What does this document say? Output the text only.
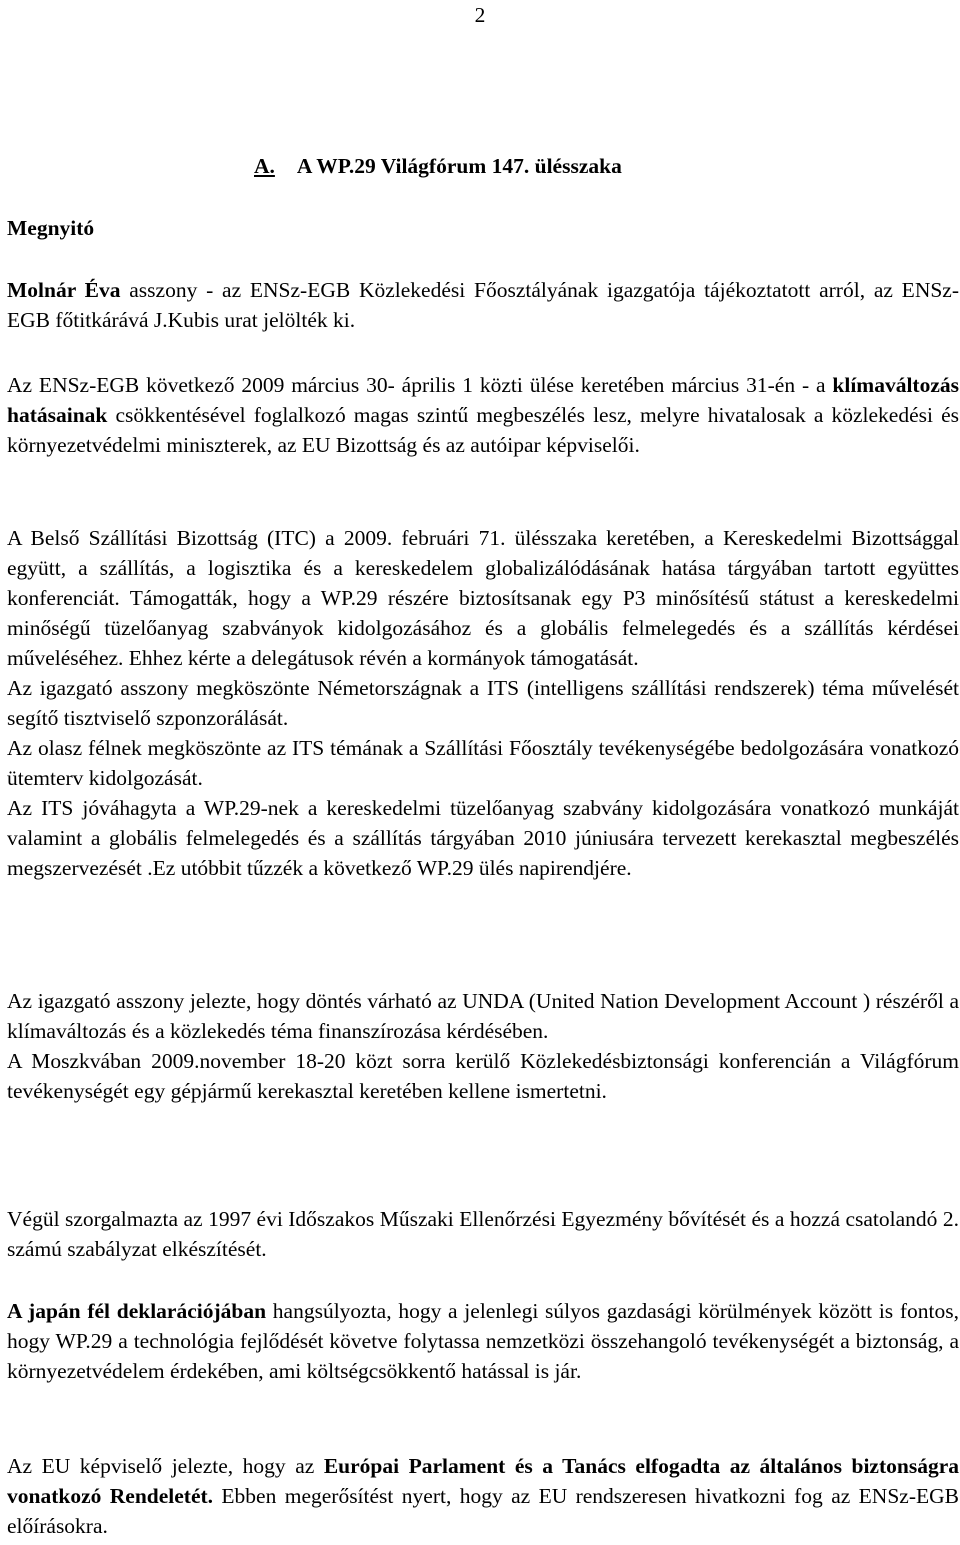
2
A. A WP.29 Világfórum 147. ülésszaka
Megnyitó

Molnár Éva asszony - az ENSz-EGB Közlekedési Főosztályának igazgatója tájékoztatott arról, az ENSz-EGB főtitkárává J.Kubis urat jelölték ki.

Az ENSz-EGB következő 2009 március 30- április 1 közti ülése keretében március 31-én - a klímaváltozás hatásainak csökkentésével foglalkozó magas szintű megbeszélés lesz, melyre hivatalosak a közlekedési és környezetvédelmi miniszterek, az EU Bizottság és az autóipar képviselői.

A Belső Szállítási Bizottság (ITC) a 2009. februári 71. ülésszaka keretében, a Kereskedelmi Bizottsággal együtt, a szállítás, a logisztika és a kereskedelem globalizálódásának hatása tárgyában tartott együttes konferenciát. Támogatták, hogy a WP.29 részére biztosítsanak egy P3 minősítésű státust a kereskedelmi minőségű tüzelőanyag szabványok kidolgozásához és a globális felmelegedés és a szállítás kérdései műveléséhez. Ehhez kérte a delegátusok révén a kormányok támogatását.

Az igazgató asszony megköszönte Németországnak a ITS (intelligens szállítási rendszerek) téma művelését segítő tisztviselő szponzorálását.

Az olasz félnek megköszönte az ITS témának a Szállítási Főosztály tevékenységébe bedolgozására vonatkozó ütemterv kidolgozását.

Az ITS jóváhagyta a WP.29-nek a kereskedelmi tüzelőanyag szabvány kidolgozására vonatkozó munkáját valamint a globális felmelegedés és a szállítás tárgyában 2010 júniusára tervezett kerekasztal megbeszélés megszervezését .Ez utóbbit tűzzék a következő WP.29 ülés napirendjére.

Az igazgató asszony jelezte, hogy döntés várható az UNDA (United Nation Development Account ) részéről a klímaváltozás és a közlekedés téma finanszírozása kérdésében.

A Moszkvában 2009.november 18-20 közt sorra kerülő Közlekedésbiztonsági konferencián a Világfórum tevékenységét egy gépjármű kerekasztal keretében kellene ismertetni.

Végül szorgalmazta az 1997 évi Időszakos Műszaki Ellenőrzési Egyezmény bővítését és a hozzá csatolandó 2. számú szabályzat elkészítését.

A japán fél deklarációjában hangsúlyozta, hogy a jelenlegi súlyos gazdasági körülmények között is fontos, hogy WP.29 a technológia fejlődését követve folytassa nemzetközi összehangoló tevékenységét a biztonság, a környezetvédelem érdekében, ami költségcsökkentő hatással is jár.

Az EU képviselő jelezte, hogy az Európai Parlament és a Tanács elfogadta az általános biztonságra vonatkozó Rendeletét. Ebben megerősítést nyert, hogy az EU rendszeresen hivatkozni fog az ENSz-EGB előírásokra.
